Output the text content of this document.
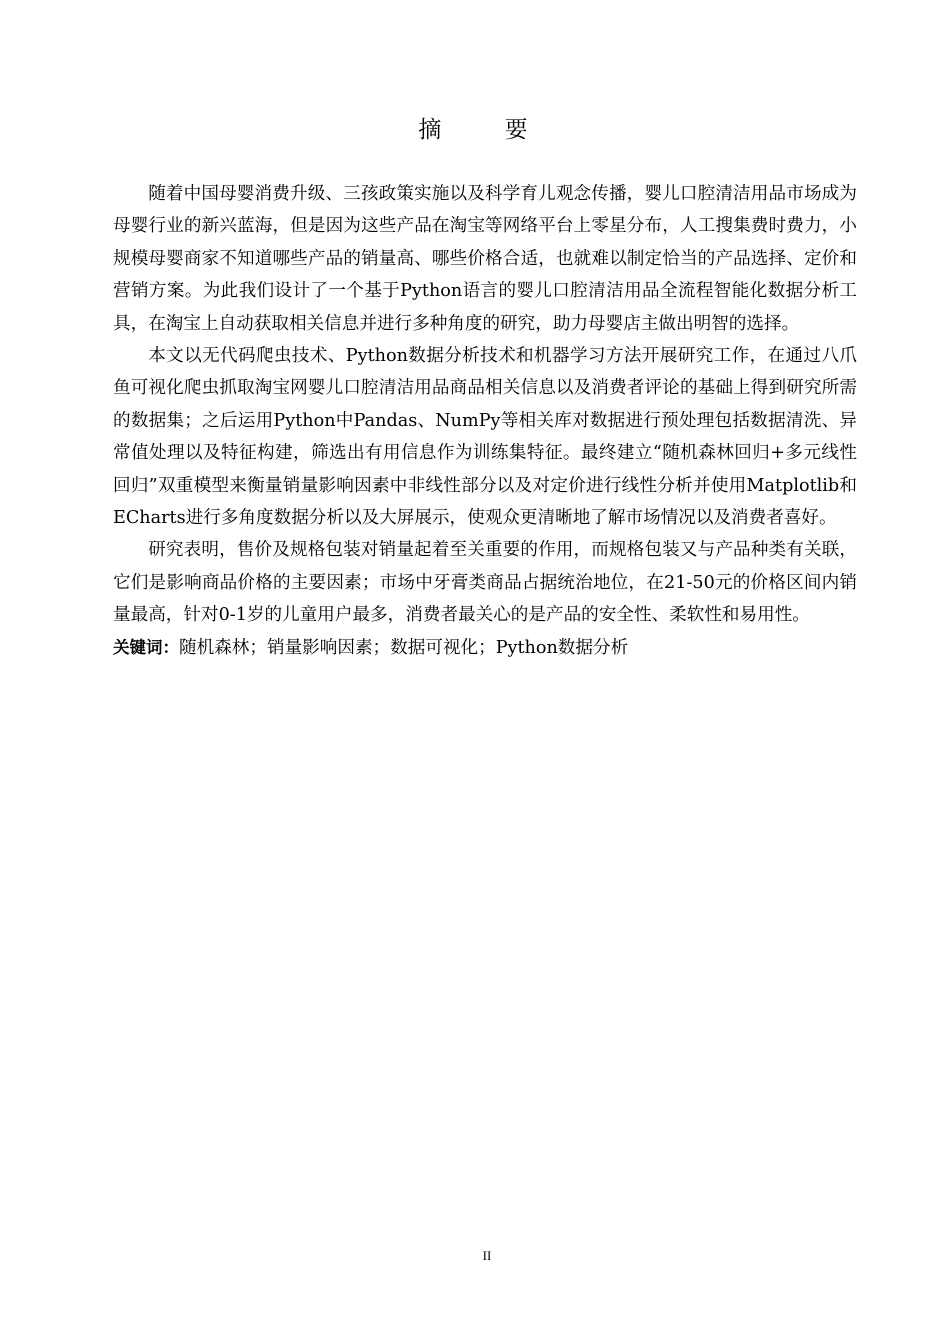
摘 要

随着中国母婴消费升级、三孩政策实施以及科学育儿观念传播，婴儿口腔清洁用品市场成为母婴行业的新兴蓝海，但是因为这些产品在淘宝等网络平台上零星分布，人工搜集费时费力，小规模母婴商家不知道哪些产品的销量高、哪些价格合适，也就难以制定恰当的产品选择、定价和营销方案。为此我们设计了一个基于Python语言的婴儿口腔清洁用品全流程智能化数据分析工具，在淘宝上自动获取相关信息并进行多种角度的研究，助力母婴店主做出明智的选择。

本文以无代码爬虫技术、Python数据分析技术和机器学习方法开展研究工作，在通过八爪鱼可视化爬虫抓取淘宝网婴儿口腔清洁用品商品相关信息以及消费者评论的基础上得到研究所需的数据集；之后运用Python中Pandas、NumPy等相关库对数据进行预处理包括数据清洗、异常值处理以及特征构建，筛选出有用信息作为训练集特征。最终建立“随机森林回归+多元线性回归”双重模型来衡量销量影响因素中非线性部分以及对定价进行线性分析并使用Matplotlib和ECharts进行多角度数据分析以及大屏展示，使观众更清晰地了解市场情况以及消费者喜好。

研究表明，售价及规格包装对销量起着至关重要的作用，而规格包装又与产品种类有关联，它们是影响商品价格的主要因素；市场中牙膏类商品占据统治地位，在21-50元的价格区间内销量最高，针对0-1岁的儿童用户最多，消费者最关心的是产品的安全性、柔软性和易用性。

关键词：随机森林；销量影响因素；数据可视化；Python数据分析

II
